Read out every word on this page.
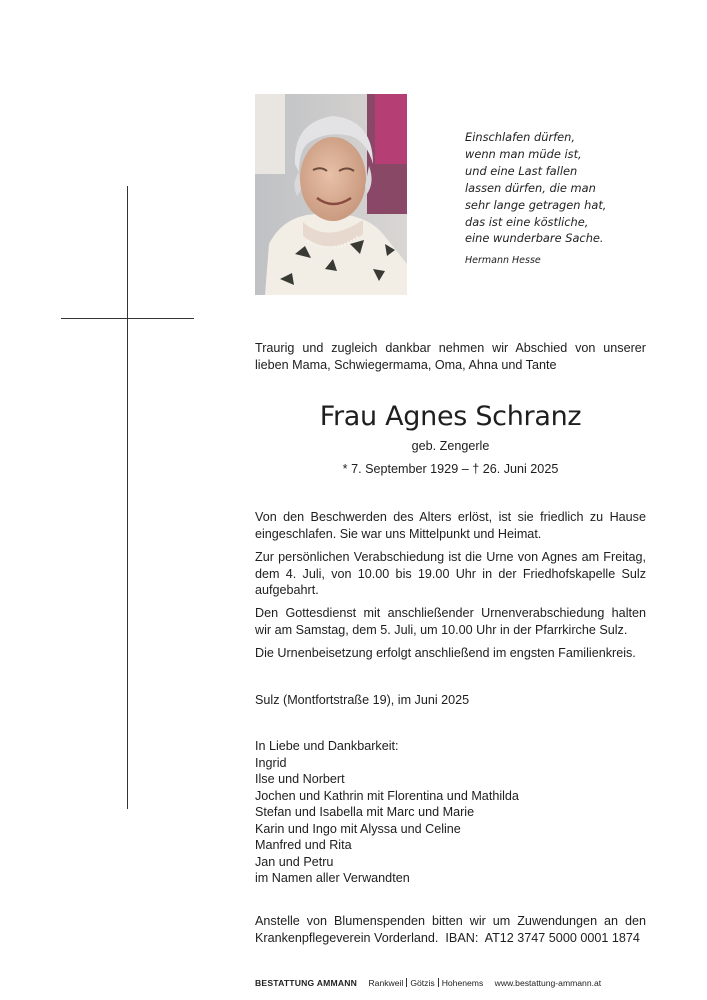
Einschlafen dürfen,
wenn man müde ist,
und eine Last fallen
lassen dürfen, die man
sehr lange getragen hat,
das ist eine köstliche,
eine wunderbare Sache.
Hermann Hesse
Traurig und zugleich dankbar nehmen wir Abschied von unserer lieben Mama, Schwiegermama, Oma, Ahna und Tante
Frau Agnes Schranz
geb. Zengerle
* 7. September 1929 – † 26. Juni 2025
Von den Beschwerden des Alters erlöst, ist sie friedlich zu Hause eingeschlafen. Sie war uns Mittelpunkt und Heimat.
Zur persönlichen Verabschiedung ist die Urne von Agnes am Freitag, dem 4. Juli, von 10.00 bis 19.00 Uhr in der Friedhofskapelle Sulz aufgebahrt.
Den Gottesdienst mit anschließender Urnenverabschiedung halten wir am Samstag, dem 5. Juli, um 10.00 Uhr in der Pfarrkirche Sulz.
Die Urnenbeisetzung erfolgt anschließend im engsten Familienkreis.
Sulz (Montfortstraße 19), im Juni 2025
In Liebe und Dankbarkeit:
Ingrid
Ilse und Norbert
Jochen und Kathrin mit Florentina und Mathilda
Stefan und Isabella mit Marc und Marie
Karin und Ingo mit Alyssa und Celine
Manfred und Rita
Jan und Petru
im Namen aller Verwandten
Anstelle von Blumenspenden bitten wir um Zuwendungen an den Krankenpflegeverein Vorderland.  IBAN:  AT12 3747 5000 0001 1874
BESTATTUNG AMMANN Rankweil Götzis Hohenems www.bestattung-ammann.at
